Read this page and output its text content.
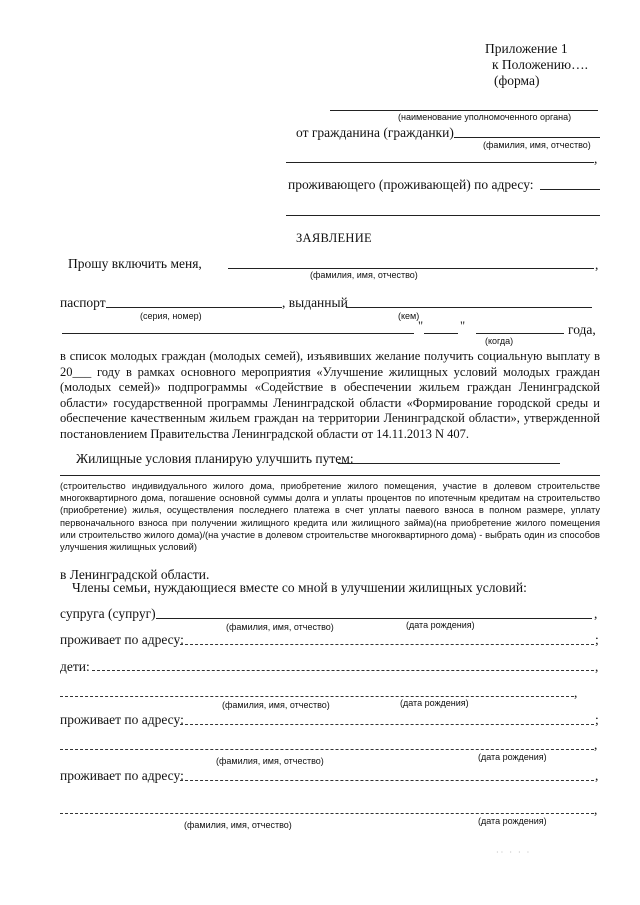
Приложение 1
к Положению….
(форма)
(наименование уполномоченного органа)
от гражданина (гражданки)
(фамилия, имя, отчество)
,
проживающего (проживающей) по адресу:
ЗАЯВЛЕНИЕ
Прошу включить меня,	,
(фамилия, имя, отчество)
паспорт	, выданный
(серия, номер)	(кем)
"	"	года,
(когда)
в список молодых граждан (молодых семей), изъявивших желание получить социальную выплату в 20___ году в рамках основного мероприятия «Улучшение жилищных условий молодых граждан (молодых семей)» подпрограммы «Содействие в обеспечении жильем граждан Ленинградской области» государственной программы Ленинградской области «Формирование городской среды и обеспечение качественным жильем граждан на территории Ленинградской области», утвержденной постановлением Правительства Ленинградской области от 14.11.2013 N 407.
Жилищные условия планирую улучшить путем:
(строительство индивидуального жилого дома, приобретение жилого помещения, участие в долевом строительстве многоквартирного дома, погашение основной суммы долга и уплаты процентов по ипотечным кредитам на строительство (приобретение) жилья, осуществления последнего платежа в счет уплаты паевого взноса в полном размере, уплату первоначального взноса при получении жилищного кредита или жилищного займа)(на приобретение жилого помещения или строительство жилого дома)/(на участие в долевом строительстве многоквартирного дома) - выбрать один из способов улучшения жилищных условий)
в Ленинградской области.
Члены семьи, нуждающиеся вместе со мной в улучшении жилищных условий:
супруга (супруг)	,
(фамилия, имя, отчество)	(дата рождения)
проживает по адресу:	;
дети:	,
,
(фамилия, имя, отчество)	(дата рождения)
проживает по адресу:	;
,
(фамилия, имя, отчество)	(дата рождения)
проживает по адресу:	,
,
(фамилия, имя, отчество)	(дата рождения)
·· · · ·
